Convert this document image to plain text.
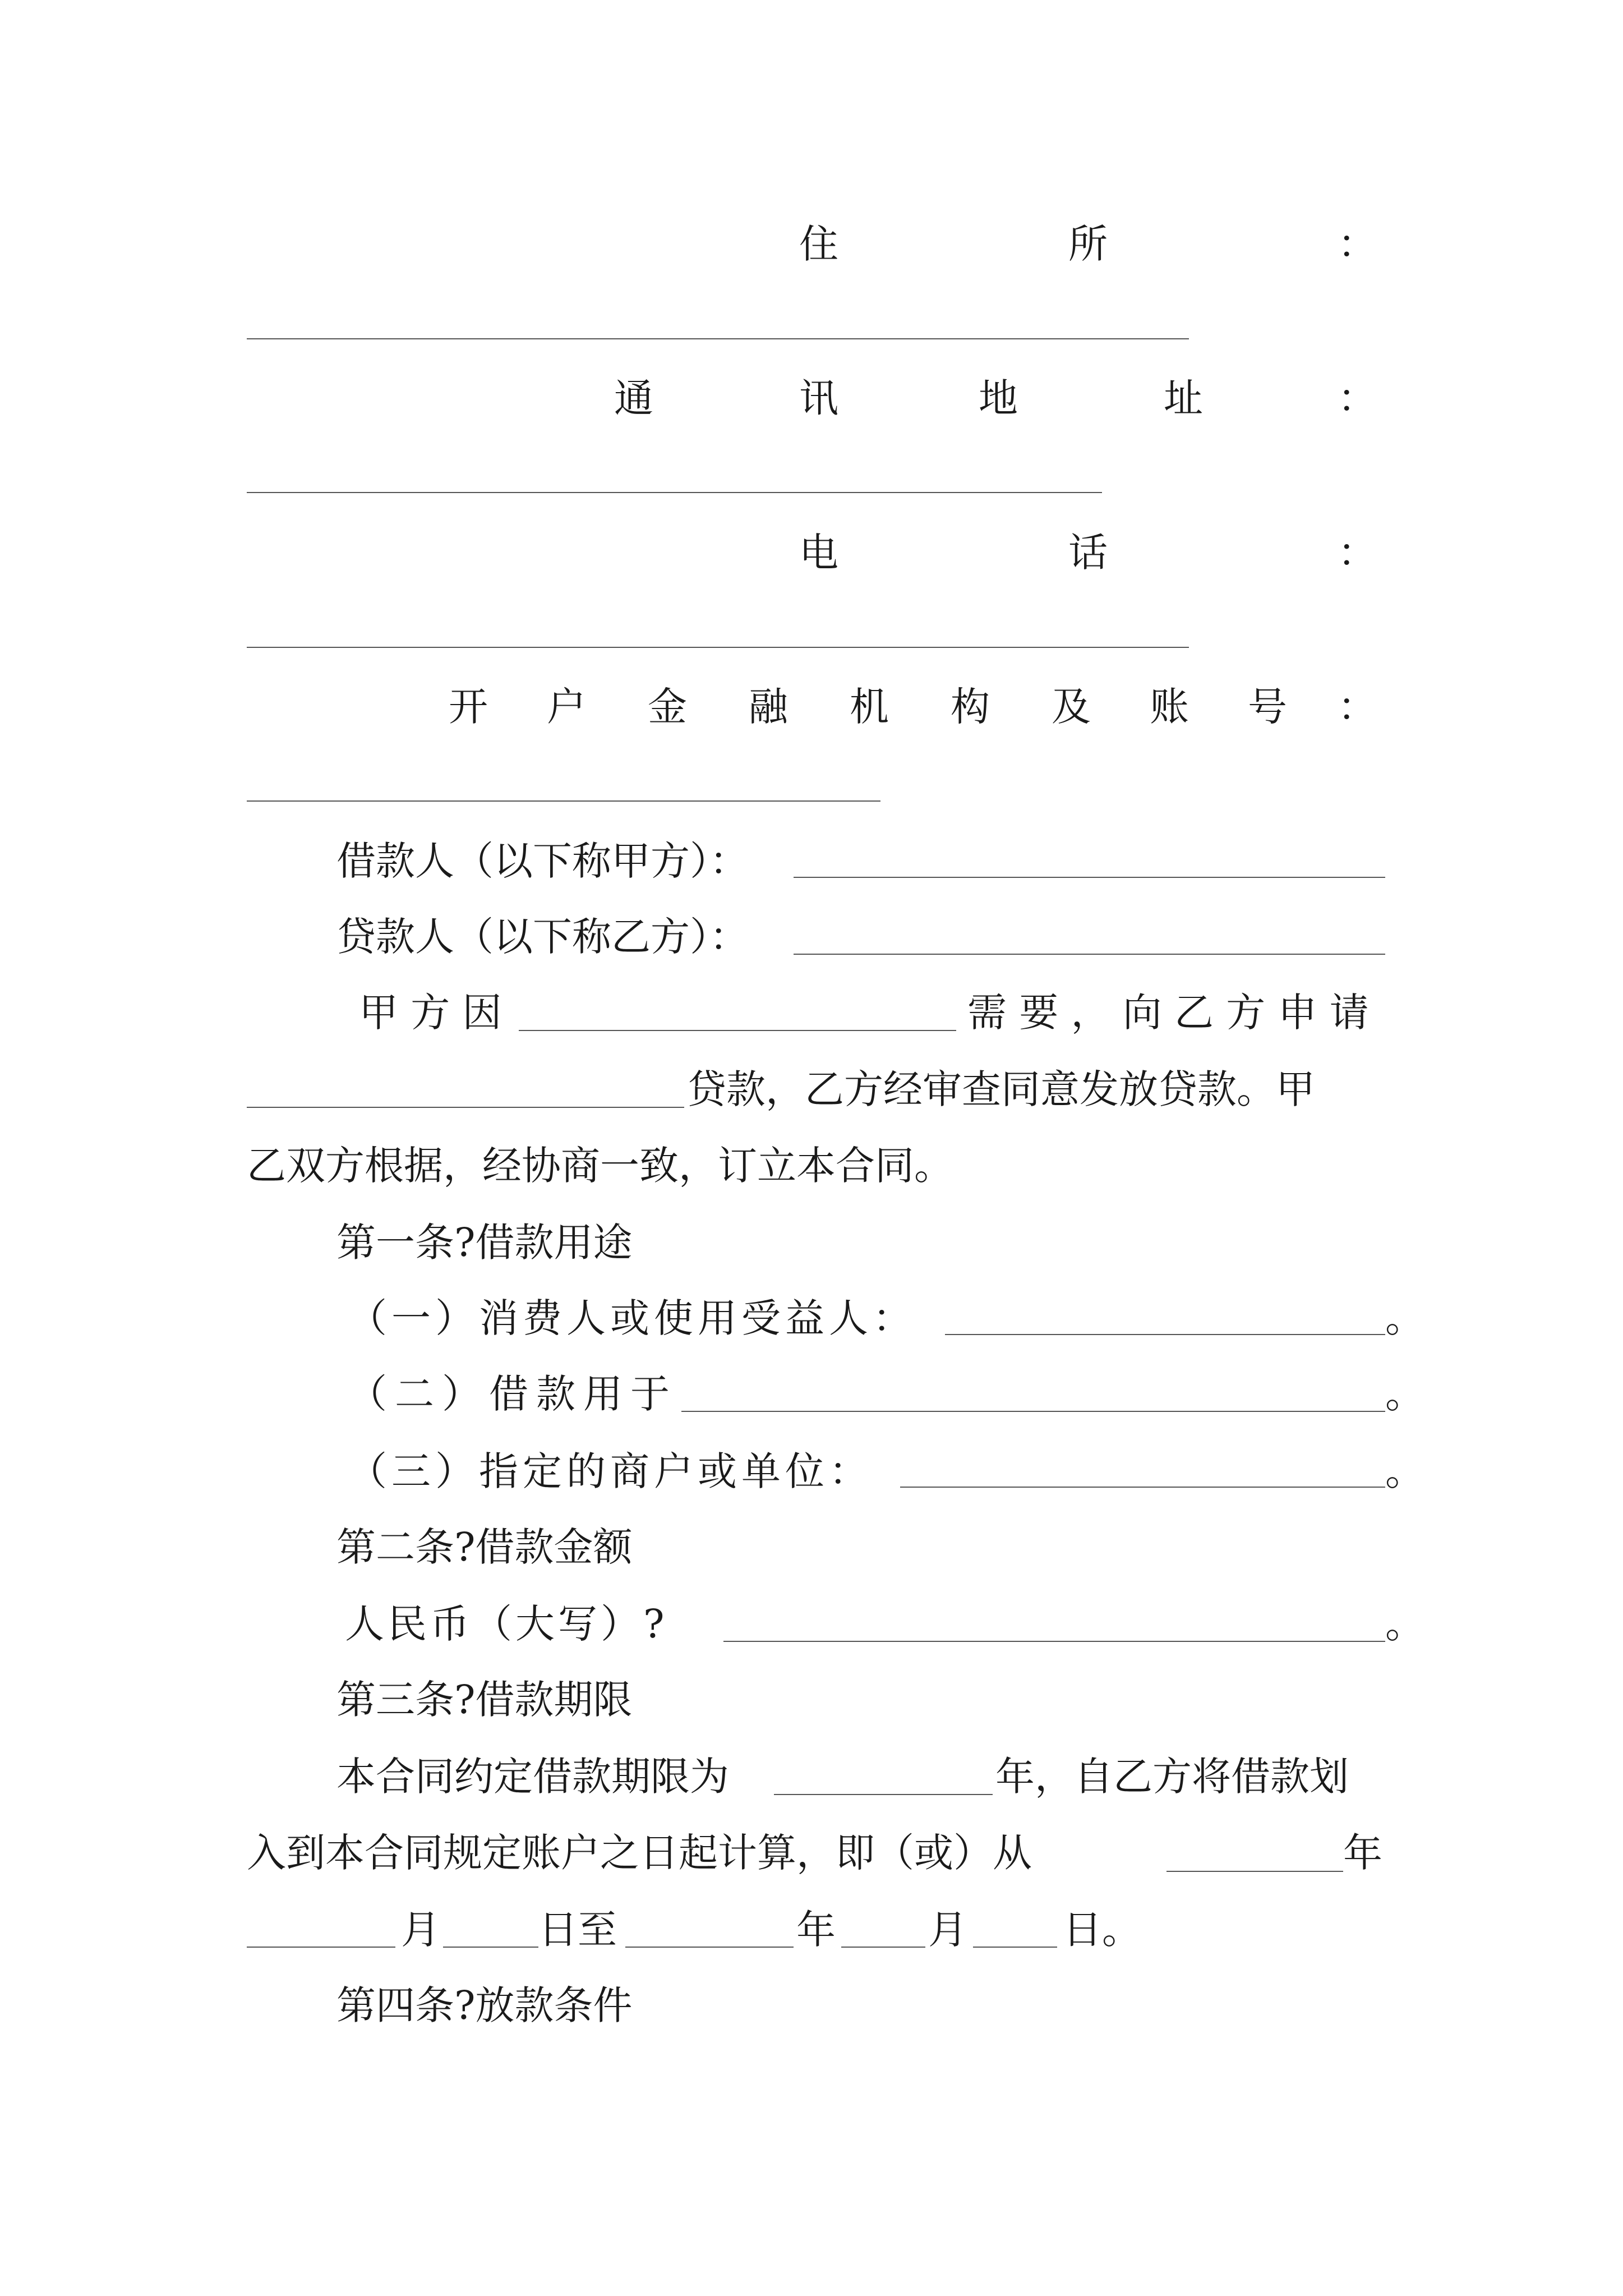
住	所	：
通	讯	地	址	：
电	话	：
开 户 金 融 机 构 及 账 号 ：
借款人（以下称甲方）：
贷款人（以下称乙方）：
甲 方 因	需 要 ， 向 乙 方 申 请
贷款，乙方经审查同意发放贷款。甲
乙双方根据，经协商一致，订立本合同。
第一条?借款用途
（一）消费人或使用受益人：	。
（二）借款用于	。
（三）指定的商户或单位：	。
第二条?借款金额
人民币（大写）?	。
第三条?借款期限
本合同约定借款期限为	年，自乙方将借款划
入到本合同规定账户之日起计算，即（或）从	年
月	日至	年 月 日。
第四条?放款条件
